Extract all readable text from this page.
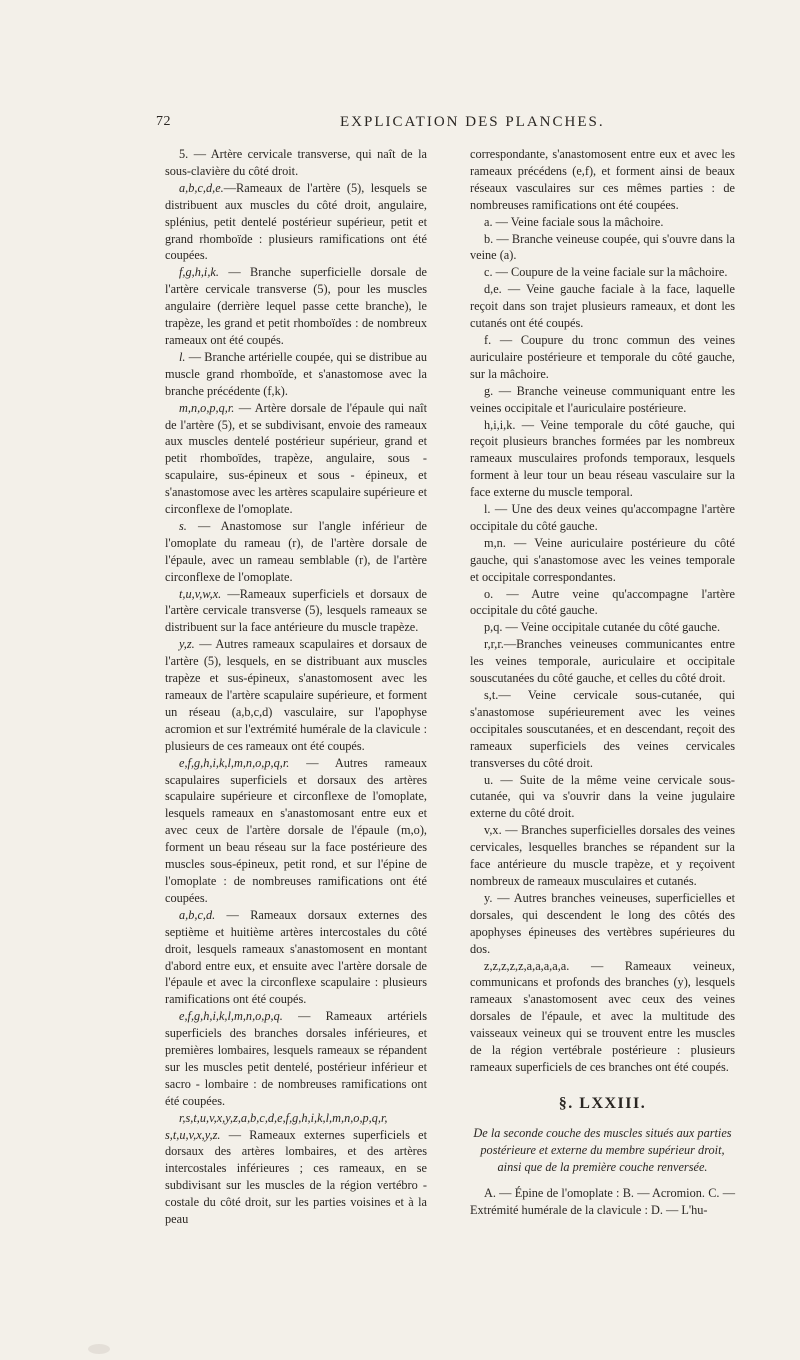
72	EXPLICATION DES PLANCHES.

5. — Artère cervicale transverse, qui naît de la sous-clavière du côté droit.

a,b,c,d,e.—Rameaux de l'artère (5), lesquels se distribuent aux muscles du côté droit, angulaire, splénius, petit dentelé postérieur supérieur, petit et grand rhomboïde : plusieurs ramifications ont été coupées.

f,g,h,i,k. — Branche superficielle dorsale de l'artère cervicale transverse (5), pour les muscles angulaire (derrière lequel passe cette branche), le trapèze, les grand et petit rhomboïdes : de nombreux rameaux ont été coupés.

l. — Branche artérielle coupée, qui se distribue au muscle grand rhomboïde, et s'anastomose avec la branche précédente (f,k).

m,n,o,p,q,r. — Artère dorsale de l'épaule qui naît de l'artère (5), et se subdivisant, envoie des rameaux aux muscles dentelé postérieur supérieur, grand et petit rhomboïdes, trapèze, angulaire, sous - scapulaire, sus-épineux et sous - épineux, et s'anastomose avec les artères scapulaire supérieure et circonflexe de l'omoplate.

s. — Anastomose sur l'angle inférieur de l'omoplate du rameau (r), de l'artère dorsale de l'épaule, avec un rameau semblable (r), de l'artère circonflexe de l'omoplate.

t,u,v,w,x. —Rameaux superficiels et dorsaux de l'artère cervicale transverse (5), lesquels rameaux se distribuent sur la face antérieure du muscle trapèze.

y,z. — Autres rameaux scapulaires et dorsaux de l'artère (5), lesquels, en se distribuant aux muscles trapèze et sus-épineux, s'anastomosent avec les rameaux de l'artère scapulaire supérieure, et forment un réseau (a,b,c,d) vasculaire, sur l'apophyse acromion et sur l'extrémité humérale de la clavicule : plusieurs de ces rameaux ont été coupés.

e,f,g,h,i,k,l,m,n,o,p,q,r. — Autres rameaux scapulaires superficiels et dorsaux des artères scapulaire supérieure et circonflexe de l'omoplate, lesquels rameaux en s'anastomosant entre eux et avec ceux de l'artère dorsale de l'épaule (m,o), forment un beau réseau sur la face postérieure des muscles sous-épineux, petit rond, et sur l'épine de l'omoplate : de nombreuses ramifications ont été coupées.

a,b,c,d. — Rameaux dorsaux externes des septième et huitième artères intercostales du côté droit, lesquels rameaux s'anastomosent en montant d'abord entre eux, et ensuite avec l'artère dorsale de l'épaule et avec la circonflexe scapulaire : plusieurs ramifications ont été coupés.

e,f,g,h,i,k,l,m,n,o,p,q. — Rameaux artériels superficiels des branches dorsales inférieures, et premières lombaires, lesquels rameaux se répandent sur les muscles petit dentelé, postérieur inférieur et sacro - lombaire : de nombreuses ramifications ont été coupées.

r,s,t,u,v,x,y,z,a,b,c,d,e,f,g,h,i,k,l,m,n,o,p,q,r, s,t,u,v,x,y,z. — Rameaux externes superficiels et dorsaux des artères lombaires, et des artères intercostales inférieures ; ces rameaux, en se subdivisant sur les muscles de la région vertébro - costale du côté droit, sur les parties voisines et à la peau

correspondante, s'anastomosent entre eux et avec les rameaux précédens (e,f), et forment ainsi de beaux réseaux vasculaires sur ces mêmes parties : de nombreuses ramifications ont été coupées.

a. — Veine faciale sous la mâchoire.

b. — Branche veineuse coupée, qui s'ouvre dans la veine (a).

c. — Coupure de la veine faciale sur la mâchoire.

d,e. — Veine gauche faciale à la face, laquelle reçoit dans son trajet plusieurs rameaux, et dont les cutanés ont été coupés.

f. — Coupure du tronc commun des veines auriculaire postérieure et temporale du côté gauche, sur la mâchoire.

g. — Branche veineuse communiquant entre les veines occipitale et l'auriculaire postérieure.

h,i,i,k. — Veine temporale du côté gauche, qui reçoit plusieurs branches formées par les nombreux rameaux musculaires profonds temporaux, lesquels forment à leur tour un beau réseau vasculaire sur la face externe du muscle temporal.

l. — Une des deux veines qu'accompagne l'artère occipitale du côté gauche.

m,n. — Veine auriculaire postérieure du côté gauche, qui s'anastomose avec les veines temporale et occipitale correspondantes.

o. — Autre veine qu'accompagne l'artère occipitale du côté gauche.

p,q. — Veine occipitale cutanée du côté gauche.

r,r,r.—Branches veineuses communicantes entre les veines temporale, auriculaire et occipitale souscutanées du côté gauche, et celles du côté droit.

s,t.— Veine cervicale sous-cutanée, qui s'anastomose supérieurement avec les veines occipitales souscutanées, et en descendant, reçoit des rameaux superficiels des veines cervicales transverses du côté droit.

u. — Suite de la même veine cervicale sous-cutanée, qui va s'ouvrir dans la veine jugulaire externe du côté droit.

v,x. — Branches superficielles dorsales des veines cervicales, lesquelles branches se répandent sur la face antérieure du muscle trapèze, et y reçoivent nombreux de rameaux musculaires et cutanés.

y. — Autres branches veineuses, superficielles et dorsales, qui descendent le long des côtés des apophyses épineuses des vertèbres supérieures du dos.

z,z,z,z,z,a,a,a,a,a. — Rameaux veineux, communicans et profonds des branches (y), lesquels rameaux s'anastomosent avec ceux des veines dorsales de l'épaule, et avec la multitude des vaisseaux veineux qui se trouvent entre les muscles de la région vertébrale postérieure : plusieurs rameaux superficiels de ces branches ont été coupés.

§. LXXIII.
De la seconde couche des muscles situés aux parties postérieure et externe du membre supérieur droit, ainsi que de la première couche renversée.

A. — Épine de l'omoplate : B. — Acromion. C. — Extrémité humérale de la clavicule : D. — L'hu-
